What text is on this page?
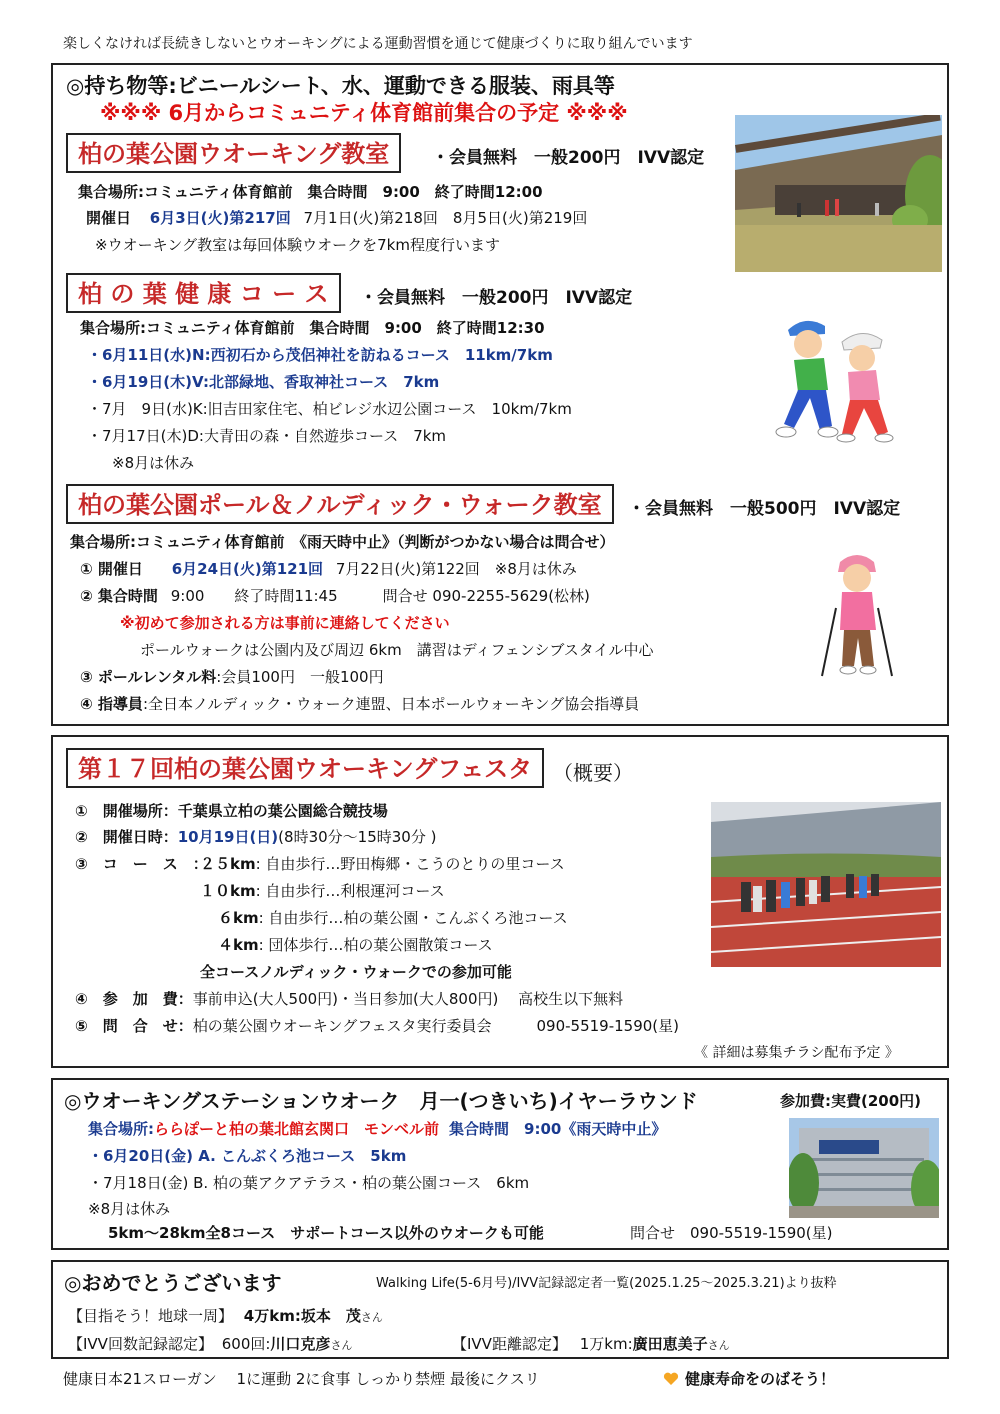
楽しくなければ長続きしないとウオーキングによる運動習慣を通じて健康づくりに取り組んでいます
◎持ち物等:ビニールシート、水、運動できる服装、雨具等
※※※ 6月からコミュニティ体育館前集合の予定 ※※※
柏の葉公園ウオーキング教室	・会員無料　一般200円　IVV認定
集合場所:コミュニティ体育館前　集合時間　9:00　終了時間12:00
開催日 6月3日(火)第217回 7月1日(火)第218回　8月5日(火)第219回
※ウオーキング教室は毎回体験ウオークを7km程度行います
柏 の 葉 健 康 コ ー ス	・会員無料　一般200円　IVV認定
集合場所:コミュニティ体育館前　集合時間　9:00　終了時間12:30
・6月11日(水)N:西初石から茂侶神社を訪ねるコース　11km/7km
・6月19日(木)V:北部緑地、香取神社コース　7km
・7月　9日(水)K:旧吉田家住宅、柏ビレジ水辺公園コース　10km/7km
・7月17日(木)D:大青田の森・自然遊歩コース　7km
※8月は休み
柏の葉公園ポール＆ノルディック・ウォーク教室	・会員無料　一般500円　IVV認定
集合場所:コミュニティ体育館前　《雨天時中止》（判断がつかない場合は問合せ）
① 開催日 6月24日(火)第121回 7月22日(火)第122回　※8月は休み
② 集合時間 9:00　　終了時間11:45　　　問合せ 090-2255-5629(松林)
※初めて参加される方は事前に連絡してください
ポールウォークは公園内及び周辺 6km　講習はディフェンシブスタイル中心
③ ポールレンタル料:会員100円　一般100円
④ 指導員:全日本ノルディック・ウォーク連盟、日本ポールウォーキング協会指導員
第１７回柏の葉公園ウオーキングフェスタ	（概要）
①　開催場所：千葉県立柏の葉公園総合競技場
②　開催日時：10月19日(日)(8時30分～15時30分 )
③　コ　ー　ス　：
２５km: 自由歩行…野田梅郷・こうのとりの里コース
１０km: 自由歩行…利根運河コース
６km: 自由歩行…柏の葉公園・こんぶくろ池コース
４km: 団体歩行…柏の葉公園散策コース
全コースノルディック・ウォークでの参加可能
④　参　加　費：事前申込(大人500円)・当日参加(大人800円)　 高校生以下無料
⑤　問　合　せ：柏の葉公園ウオーキングフェスタ実行委員会　　　090-5519-1590(星)
《 詳細は募集チラシ配布予定 》
◎ウオーキングステーションウオーク　月一(つきいち)イヤーラウンド	参加費:実費(200円)
集合場所:ららぽーと柏の葉北館玄関口　モンベル前 集合時間　9:00《雨天時中止》
・6月20日(金) A. こんぶくろ池コース　5km
・7月18日(金) B. 柏の葉アクアテラス・柏の葉公園コース　6km
※8月は休み
5km～28km全8コース　サポートコース以外のウオークも可能	問合せ　090-5519-1590(星)
◎おめでとうございます	Walking Life(5-6月号)/IVV記録認定者一覧(2025.1.25～2025.3.21)より抜粋
【目指そう！地球一周】 4万km:坂本　茂さん
【IVV回数記録認定】 600回:川口克彦さん	【IVV距離認定】 1万km:廣田恵美子さん
健康日本21スローガン　 1に運動 2に食事 しっかり禁煙 最後にクスリ	健康寿命をのばそう！
